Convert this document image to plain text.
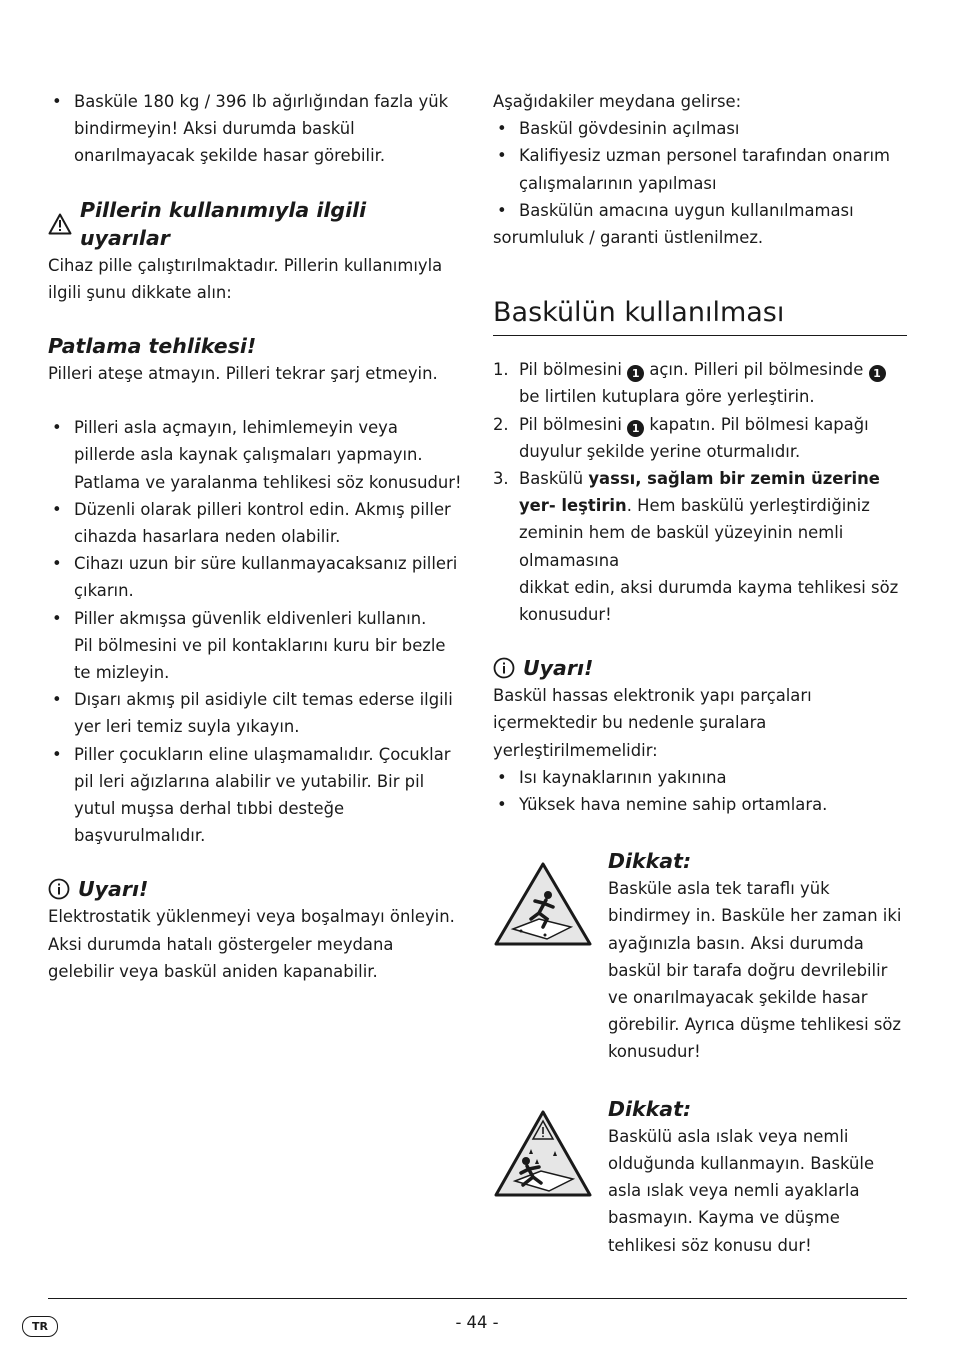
• Basküle 180 kg / 396 lb ağırlığından fazla yük bindirmeyin! Aksi durumda baskül onarılmayacak şekilde hasar görebilir.
Pillerin kullanımıyla ilgili uyarılar

Cihaz pille çalıştırılmaktadır. Pillerin kullanımıyla ilgili şunu dikkate alın:

Patlama tehlikesi!

Pilleri ateşe atmayın. Pilleri tekrar şarj etmeyin.

• Pilleri asla açmayın, lehimlemeyin veya pillerde asla kaynak çalışmaları yapmayın. Patlama ve yaralanma tehlikesi söz konusudur!
• Düzenli olarak pilleri kontrol edin. Akmış piller cihazda hasarlara neden olabilir.
• Cihazı uzun bir süre kullanmayacaksanız pilleri çıkarın.
• Piller akmışsa güvenlik eldivenleri kullanın.
Pil bölmesini ve pil kontaklarını kuru bir bezle te mizleyin.
• Dışarı akmış pil asidiyle cilt temas ederse ilgili yer leri temiz suyla yıkayın.
• Piller çocukların eline ulaşmamalıdır. Çocuklar pil leri ağızlarına alabilir ve yutabilir. Bir pil yutul muşsa derhal tıbbi desteğe başvurulmalıdır.
Uyarı!

Elektrostatik yüklenmeyi veya boşalmayı önleyin. Aksi durumda hatalı göstergeler meydana gelebilir veya baskül aniden kapanabilir.

Aşağıdakiler meydana gelirse:

• Baskül gövdesinin açılması
• Kalifiyesiz uzman personel tarafından onarım çalışmalarının yapılması
• Baskülün amacına uygun kullanılmaması

sorumluluk / garanti üstlenilmez.

Baskülün kullanılması
1. Pil bölmesini 1 açın. Pilleri pil bölmesinde 1 be lirtilen kutuplara göre yerleştirin.
2. Pil bölmesini 1 kapatın. Pil bölmesi kapağı duyulur şekilde yerine oturmalıdır.
3. Baskülü yassı, sağlam bir zemin üzerine yer- leştirin. Hem baskülü yerleştirdiğiniz zeminin hem de baskül yüzeyinin nemli olmamasına
dikkat edin, aksi durumda kayma tehlikesi söz konusudur!
Uyarı!

Baskül hassas elektronik yapı parçaları içermektedir bu nedenle şuralara yerleştirilmemelidir:

• Isı kaynaklarının yakınına
• Yüksek hava nemine sahip ortamlara.
Dikkat:

Basküle asla tek taraflı yük bindirmey in. Basküle her zaman iki ayağınızla basın. Aksi durumda baskül bir tarafa doğru devrilebilir ve onarılmayacak şekilde hasar görebilir. Ayrıca düşme tehlikesi söz konusudur!

Dikkat:

Baskülü asla ıslak veya nemli olduğunda kullanmayın. Basküle asla ıslak veya nemli ayaklarla basmayın. Kayma ve düşme tehlikesi söz konusu dur!

TR	- 44 -
